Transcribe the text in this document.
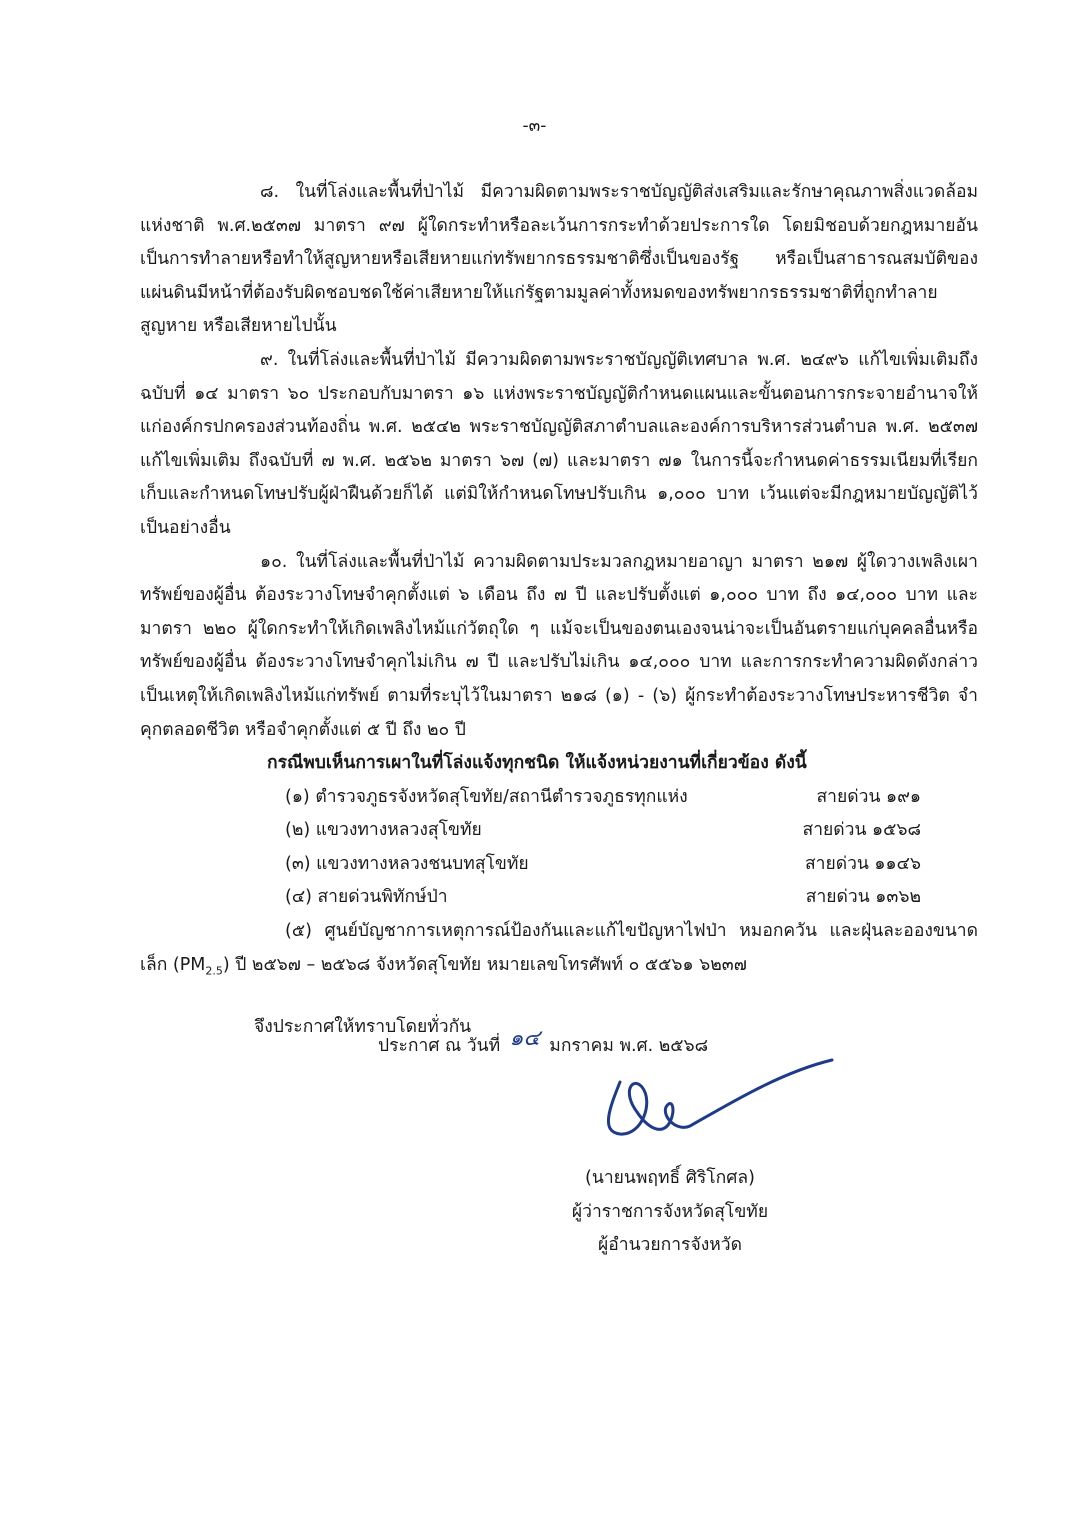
-๓-

๘. ในที่โล่งและพื้นที่ป่าไม้ มีความผิดตามพระราชบัญญัติส่งเสริมและรักษาคุณภาพสิ่งแวดล้อมแห่งชาติ พ.ศ.๒๕๓๗ มาตรา ๙๗ ผู้ใดกระทำหรือละเว้นการกระทำด้วยประการใด โดยมิชอบด้วยกฎหมายอันเป็นการทำลายหรือทำให้สูญหายหรือเสียหายแก่ทรัพยากรธรรมชาติซึ่งเป็นของรัฐ หรือเป็นสาธารณสมบัติของแผ่นดินมีหน้าที่ต้องรับผิดชอบชดใช้ค่าเสียหายให้แก่รัฐตามมูลค่าทั้งหมดของทรัพยากรธรรมชาติที่ถูกทำลาย สูญหาย หรือเสียหายไปนั้น

๙. ในที่โล่งและพื้นที่ป่าไม้ มีความผิดตามพระราชบัญญัติเทศบาล พ.ศ. ๒๔๙๖ แก้ไขเพิ่มเติมถึงฉบับที่ ๑๔ มาตรา ๖๐ ประกอบกับมาตรา ๑๖ แห่งพระราชบัญญัติกำหนดแผนและขั้นตอนการกระจายอำนาจให้แก่องค์กรปกครองส่วนท้องถิ่น พ.ศ. ๒๕๔๒ พระราชบัญญัติสภาตำบลและองค์การบริหารส่วนตำบล พ.ศ. ๒๕๓๗ แก้ไขเพิ่มเติม ถึงฉบับที่ ๗ พ.ศ. ๒๕๖๒ มาตรา ๖๗ (๗) และมาตรา ๗๑ ในการนี้จะกำหนดค่าธรรมเนียมที่เรียกเก็บและกำหนดโทษปรับผู้ฝ่าฝืนด้วยก็ได้ แต่มิให้กำหนดโทษปรับเกิน ๑,๐๐๐ บาท เว้นแต่จะมีกฎหมายบัญญัติไว้เป็นอย่างอื่น

๑๐. ในที่โล่งและพื้นที่ป่าไม้ ความผิดตามประมวลกฎหมายอาญา มาตรา ๒๑๗ ผู้ใดวางเพลิงเผาทรัพย์ของผู้อื่น ต้องระวางโทษจำคุกตั้งแต่ ๖ เดือน ถึง ๗ ปี และปรับตั้งแต่ ๑,๐๐๐ บาท ถึง ๑๔,๐๐๐ บาท และมาตรา ๒๒๐ ผู้ใดกระทำให้เกิดเพลิงไหม้แก่วัตถุใด ๆ แม้จะเป็นของตนเองจนน่าจะเป็นอันตรายแก่บุคคลอื่นหรือทรัพย์ของผู้อื่น ต้องระวางโทษจำคุกไม่เกิน ๗ ปี และปรับไม่เกิน ๑๔,๐๐๐ บาท และการกระทำความผิดดังกล่าวเป็นเหตุให้เกิดเพลิงไหม้แก่ทรัพย์ ตามที่ระบุไว้ในมาตรา ๒๑๘ (๑) - (๖) ผู้กระทำต้องระวางโทษประหารชีวิต จำคุกตลอดชีวิต หรือจำคุกตั้งแต่ ๕ ปี ถึง ๒๐ ปี

กรณีพบเห็นการเผาในที่โล่งแจ้งทุกชนิด ให้แจ้งหน่วยงานที่เกี่ยวข้อง ดังนี้

(๑) ตำรวจภูธรจังหวัดสุโขทัย/สถานีตำรวจภูธรทุกแห่ง	สายด่วน ๑๙๑
(๒) แขวงทางหลวงสุโขทัย	สายด่วน ๑๕๖๘
(๓) แขวงทางหลวงชนบทสุโขทัย	สายด่วน ๑๑๔๖
(๔) สายด่วนพิทักษ์ป่า	สายด่วน ๑๓๖๒

(๕) ศูนย์บัญชาการเหตุการณ์ป้องกันและแก้ไขปัญหาไฟป่า หมอกควัน และฝุ่นละอองขนาดเล็ก $(PM_{2.5})$ ปี ๒๕๖๗ – ๒๕๖๘ จังหวัดสุโขทัย หมายเลขโทรศัพท์ ๐ ๕๕๖๑ ๖๒๓๗

จึงประกาศให้ทราบโดยทั่วกัน
ประกาศ ณ วันที่ ๑๔ มกราคม พ.ศ. ๒๕๖๘
(นายนพฤทธิ์ ศิริโกศล)
ผู้ว่าราชการจังหวัดสุโขทัย
ผู้อำนวยการจังหวัด
